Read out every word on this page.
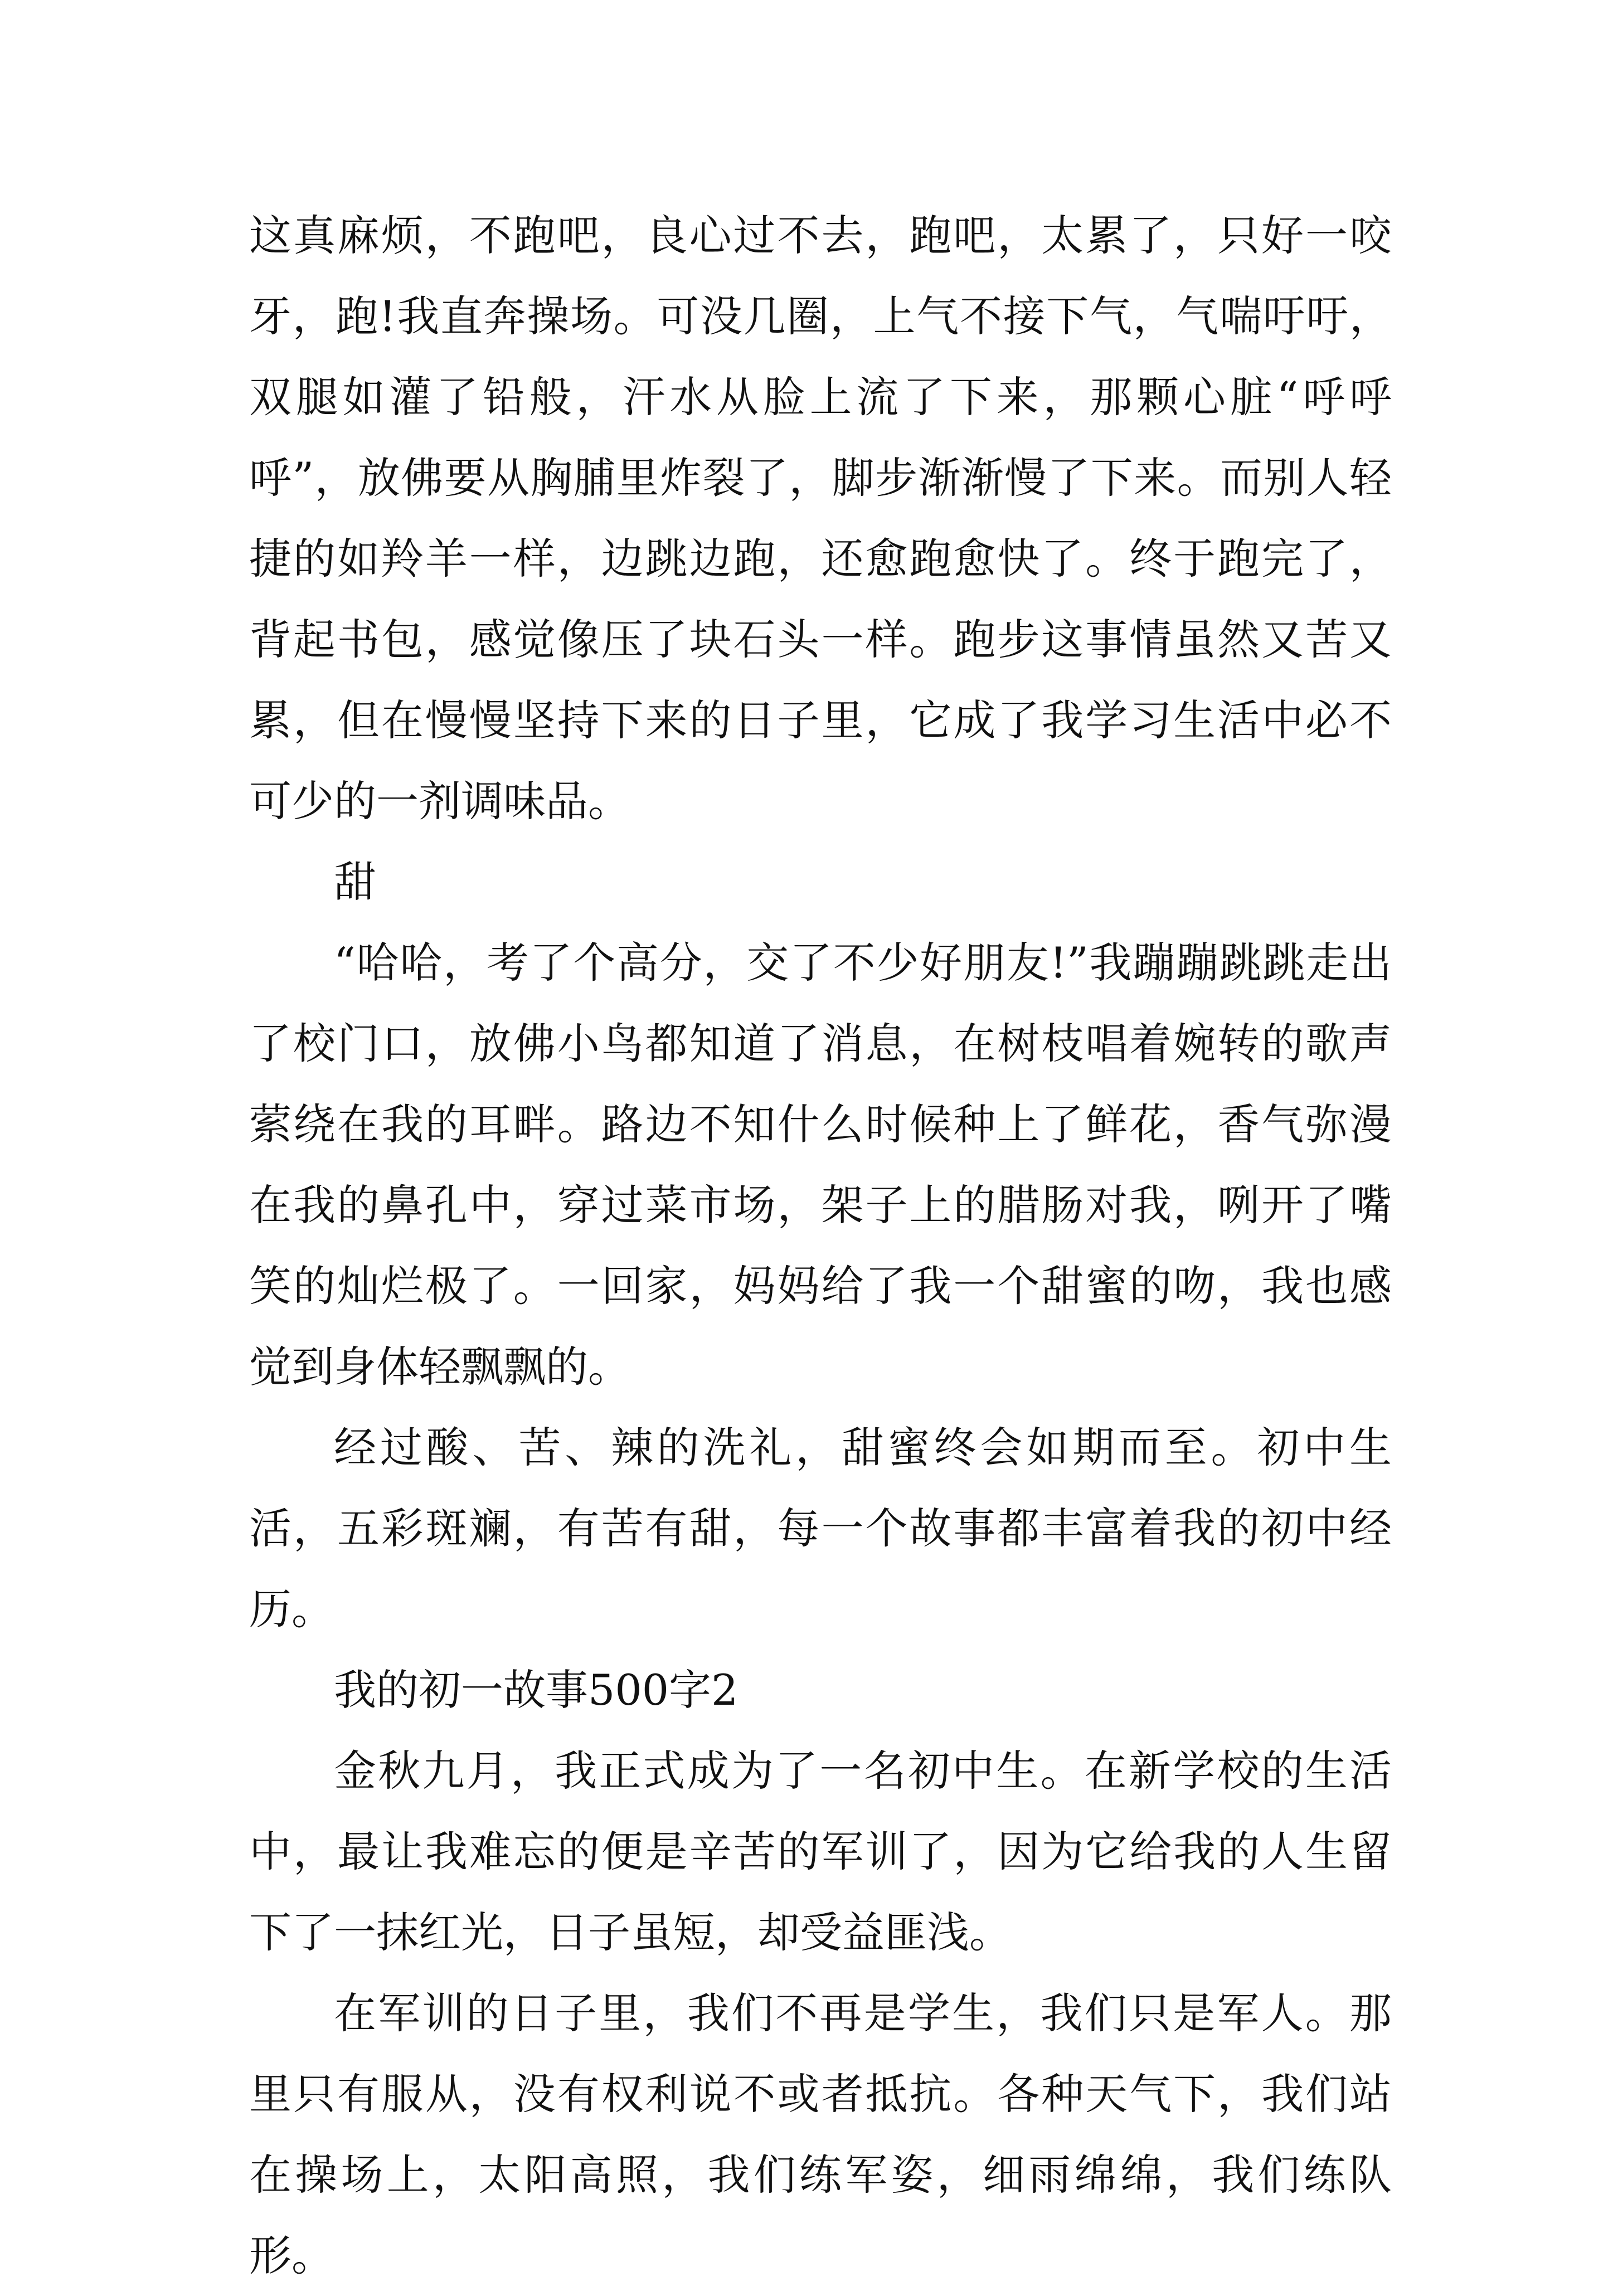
这真麻烦，不跑吧，良心过不去，跑吧，太累了，只好一咬牙，跑!我直奔操场。可没几圈，上气不接下气，气喘吁吁，双腿如灌了铅般，汗水从脸上流了下来，那颗心脏“呼呼呼”，放佛要从胸脯里炸裂了，脚步渐渐慢了下来。而别人轻捷的如羚羊一样，边跳边跑，还愈跑愈快了。终于跑完了，背起书包，感觉像压了块石头一样。跑步这事情虽然又苦又累，但在慢慢坚持下来的日子里，它成了我学习生活中必不可少的一剂调味品。

甜

“哈哈，考了个高分，交了不少好朋友!”我蹦蹦跳跳走出了校门口，放佛小鸟都知道了消息，在树枝唱着婉转的歌声萦绕在我的耳畔。路边不知什么时候种上了鲜花，香气弥漫在我的鼻孔中，穿过菜市场，架子上的腊肠对我，咧开了嘴笑的灿烂极了。一回家，妈妈给了我一个甜蜜的吻，我也感觉到身体轻飘飘的。

经过酸、苦、辣的洗礼，甜蜜终会如期而至。初中生活，五彩斑斓，有苦有甜，每一个故事都丰富着我的初中经历。

我的初一故事500字2

金秋九月，我正式成为了一名初中生。在新学校的生活中，最让我难忘的便是辛苦的军训了，因为它给我的人生留下了一抹红光，日子虽短，却受益匪浅。

在军训的日子里，我们不再是学生，我们只是军人。那里只有服从，没有权利说不或者抵抗。各种天气下，我们站在操场上，太阳高照，我们练军姿，细雨绵绵，我们练队形。
